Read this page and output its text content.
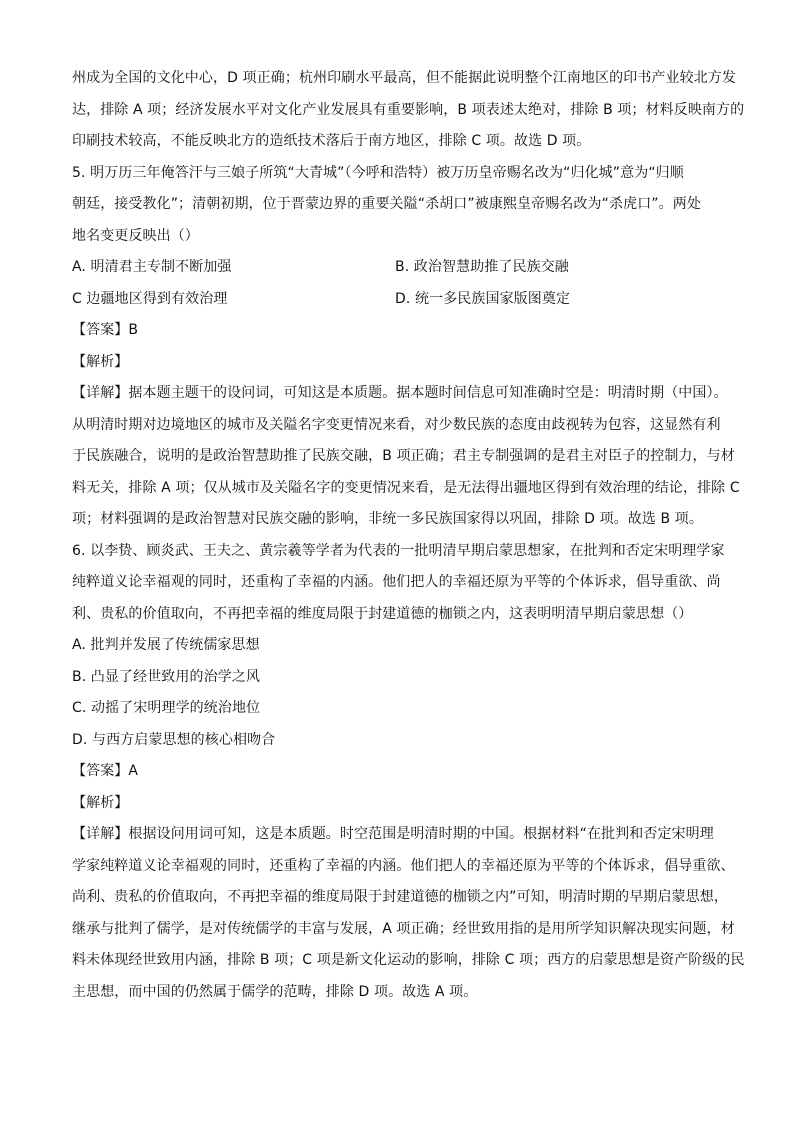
州成为全国的文化中心，D 项正确；杭州印刷水平最高，但不能据此说明整个江南地区的印书产业较北方发

达，排除 A 项；经济发展水平对文化产业发展具有重要影响，B 项表述太绝对，排除 B 项；材料反映南方的

印刷技术较高，不能反映北方的造纸技术落后于南方地区，排除 C 项。故选 D 项。

5. 明万历三年俺答汗与三娘子所筑“大青城”（今呼和浩特）被万历皇帝赐名改为“归化城”意为“归顺

朝廷，接受教化”；清朝初期，位于晋蒙边界的重要关隘“杀胡口”被康熙皇帝赐名改为“杀虎口”。两处

地名变更反映出（）

A. 明清君主专制不断加强	B. 政治智慧助推了民族交融
C 边疆地区得到有效治理	D. 统一多民族国家版图奠定

【答案】B

【解析】

【详解】据本题主题干的设问词，可知这是本质题。据本题时间信息可知准确时空是：明清时期（中国）。

从明清时期对边境地区的城市及关隘名字变更情况来看，对少数民族的态度由歧视转为包容，这显然有利

于民族融合，说明的是政治智慧助推了民族交融，B 项正确；君主专制强调的是君主对臣子的控制力，与材

料无关，排除 A 项；仅从城市及关隘名字的变更情况来看，是无法得出疆地区得到有效治理的结论，排除 C

项；材料强调的是政治智慧对民族交融的影响，非统一多民族国家得以巩固，排除 D 项。故选 B 项。

6. 以李贽、顾炎武、王夫之、黄宗羲等学者为代表的一批明清早期启蒙思想家，在批判和否定宋明理学家

纯粹道义论幸福观的同时，还重构了幸福的内涵。他们把人的幸福还原为平等的个体诉求，倡导重欲、尚

利、贵私的价值取向，不再把幸福的维度局限于封建道德的枷锁之内，这表明明清早期启蒙思想（）

A. 批判并发展了传统儒家思想

B. 凸显了经世致用的治学之风

C. 动摇了宋明理学的统治地位

D. 与西方启蒙思想的核心相吻合

【答案】A

【解析】

【详解】根据设问用词可知，这是本质题。时空范围是明清时期的中国。根据材料“在批判和否定宋明理

学家纯粹道义论幸福观的同时，还重构了幸福的内涵。他们把人的幸福还原为平等的个体诉求，倡导重欲、

尚利、贵私的价值取向，不再把幸福的维度局限于封建道德的枷锁之内”可知，明清时期的早期启蒙思想，

继承与批判了儒学，是对传统儒学的丰富与发展，A 项正确；经世致用指的是用所学知识解决现实问题，材

料未体现经世致用内涵，排除 B 项；C 项是新文化运动的影响，排除 C 项；西方的启蒙思想是资产阶级的民

主思想，而中国的仍然属于儒学的范畴，排除 D 项。故选 A 项。
